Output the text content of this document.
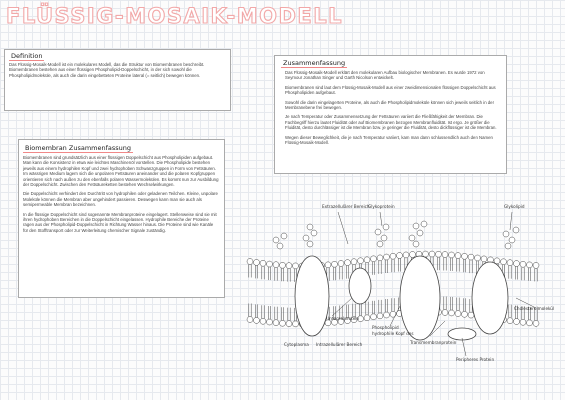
FLÜSSIG-MOSAIK-MODELL
Definition
Das Flüssig-Mosaik-Modell ist ein molekulares Modell, das die Struktur von Biomembranen beschreibt. Biomembranen bestehen aus einer flüssigen Phospholipid-Doppelschicht, in der sich sowohl die Phospholipidmoleküle, als auch die darin eingebetteten Proteine lateral (= seitlich) bewegen können.
Biomembran Zusammenfassung

Biomembranen sind grundsätzlich aus einer flüssigen Doppelschicht aus Phospholipiden aufgebaut. Man kann die Konsistenz in etwa wie leichtes Maschinenöl vorstellen. Die Phospholipide bestehen jeweils aus einem hydrophilen Kopf und zwei hydrophoben Schwanzgruppen in Form von Fettsäuren. Im wässrigen Medium lagern sich die unpolaren Fettsäuren aneinander und die polaren Kopfgruppen orientieren sich nach außen zu den ebenfalls polaren Wassermolekülen. Es kommt nun zur Ausbildung der Doppelschicht. Zwischen den Fettsäureketten bestehen Wechselwirkungen.

Die Doppelschicht verhindert den Durchtritt von hydrophilen oder geladenen Teilchen. Kleine, unpolare Moleküle können die Membran aber ungehindert passieren. Deswegen kann man sie auch als semipermeable Membran bezeichnen.

In die flüssige Doppelschicht sind sogenannte Membranproteine eingelagert. Stellenweise sind sie mit ihren hydrophoben Bereichen in die Doppelschicht eingelassen. Hydrophile Bereiche der Proteine ragen aus der Phospholipid-Doppelschicht in Richtung Wasser hinaus. Die Proteine sind wie Kanäle für den Stofftransport oder zur Weiterleitung chemischer Signale zuständig.

Zusammenfassung

Das Flüssig-Mosaik-Modell erklärt den molekularen Aufbau biologischer Membranen. Es wurde 1972 von Seymour Jonathan Singer und Garth Nicolson entwickelt.

Biomembranen sind laut dem Flüssig-Mosaik-Modell aus einer zweidimensionalen flüssigen Doppelschicht aus Phospholipiden aufgebaut.

Sowohl die darin eingelagerten Proteine, als auch die Phospholipidmoleküle können sich jeweils seitlich in der Membranebene frei bewegen.

Je nach Temperatur oder Zusammensetzung der Fettsäuren variiert die Fließfähigkeit der Membran. Die Fachbegriff hierzu lautet Fluidität oder auf Biomembranen bezogen Membranfluidität. Ist ergo. Je größer die Fluidität, desto durchlässiger ist die Membran bzw. je geringer die Fluidität, desto dickflüssiger ist die Membran.

Wegen dieser Beweglichkeit, die je nach Temperatur variiert, kam man dann schlussendlich auch den Namen Flüssig-Mosaik-Modell.

Extrazellulärer Bereich
Glykoprotein	Glykolipid
Cholesterolmolekül
Integralprotein
Cytoplasma Intrazellulärer Bereich
Phospholipid
hydrophile Kopf des
Transmembranprotein
Peripheres Protein
